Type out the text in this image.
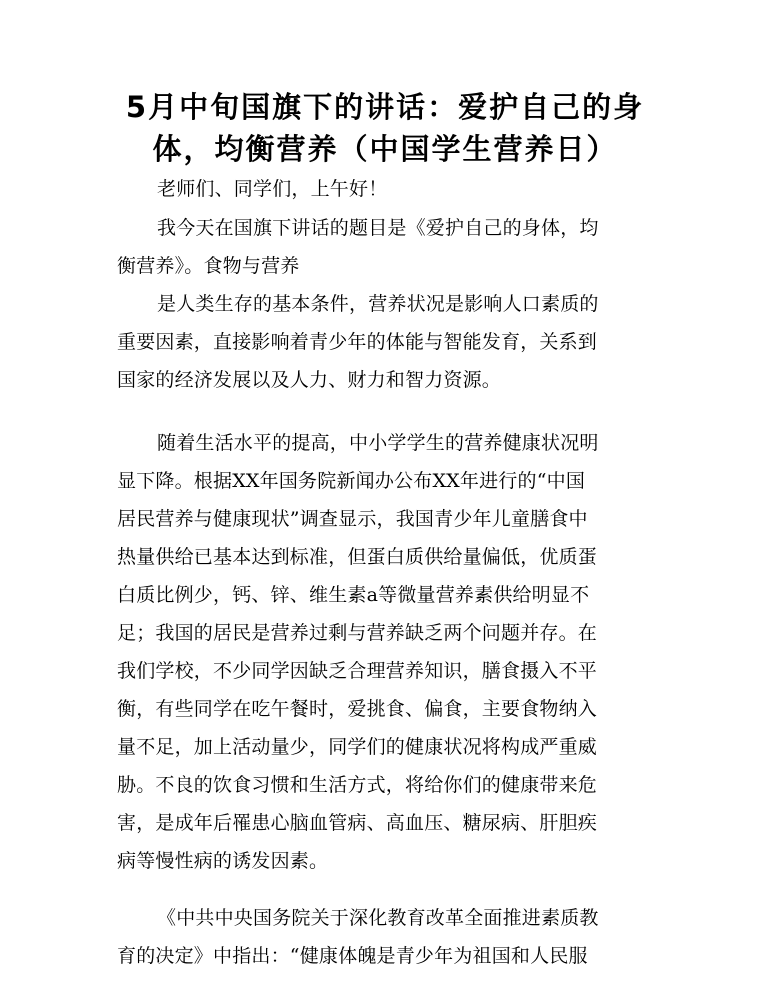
5月中旬国旗下的讲话：爱护自己的身
体，均衡营养（中国学生营养日）
老师们、同学们，上午好！
我今天在国旗下讲话的题目是《爱护自己的身体，均
衡营养》。食物与营养
是人类生存的基本条件，营养状况是影响人口素质的
重要因素，直接影响着青少年的体能与智能发育，关系到
国家的经济发展以及人力、财力和智力资源。
随着生活水平的提高，中小学学生的营养健康状况明
显下降。根据XX年国务院新闻办公布XX年进行的“中国
居民营养与健康现状”调查显示，我国青少年儿童膳食中
热量供给已基本达到标准，但蛋白质供给量偏低，优质蛋
白质比例少，钙、锌、维生素a等微量营养素供给明显不
足；我国的居民是营养过剩与营养缺乏两个问题并存。在
我们学校，不少同学因缺乏合理营养知识，膳食摄入不平
衡，有些同学在吃午餐时，爱挑食、偏食，主要食物纳入
量不足，加上活动量少，同学们的健康状况将构成严重威
胁。不良的饮食习惯和生活方式，将给你们的健康带来危
害，是成年后罹患心脑血管病、高血压、糖尿病、肝胆疾
病等慢性病的诱发因素。
《中共中央国务院关于深化教育改革全面推进素质教
育的决定》中指出：“健康体魄是青少年为祖国和人民服
